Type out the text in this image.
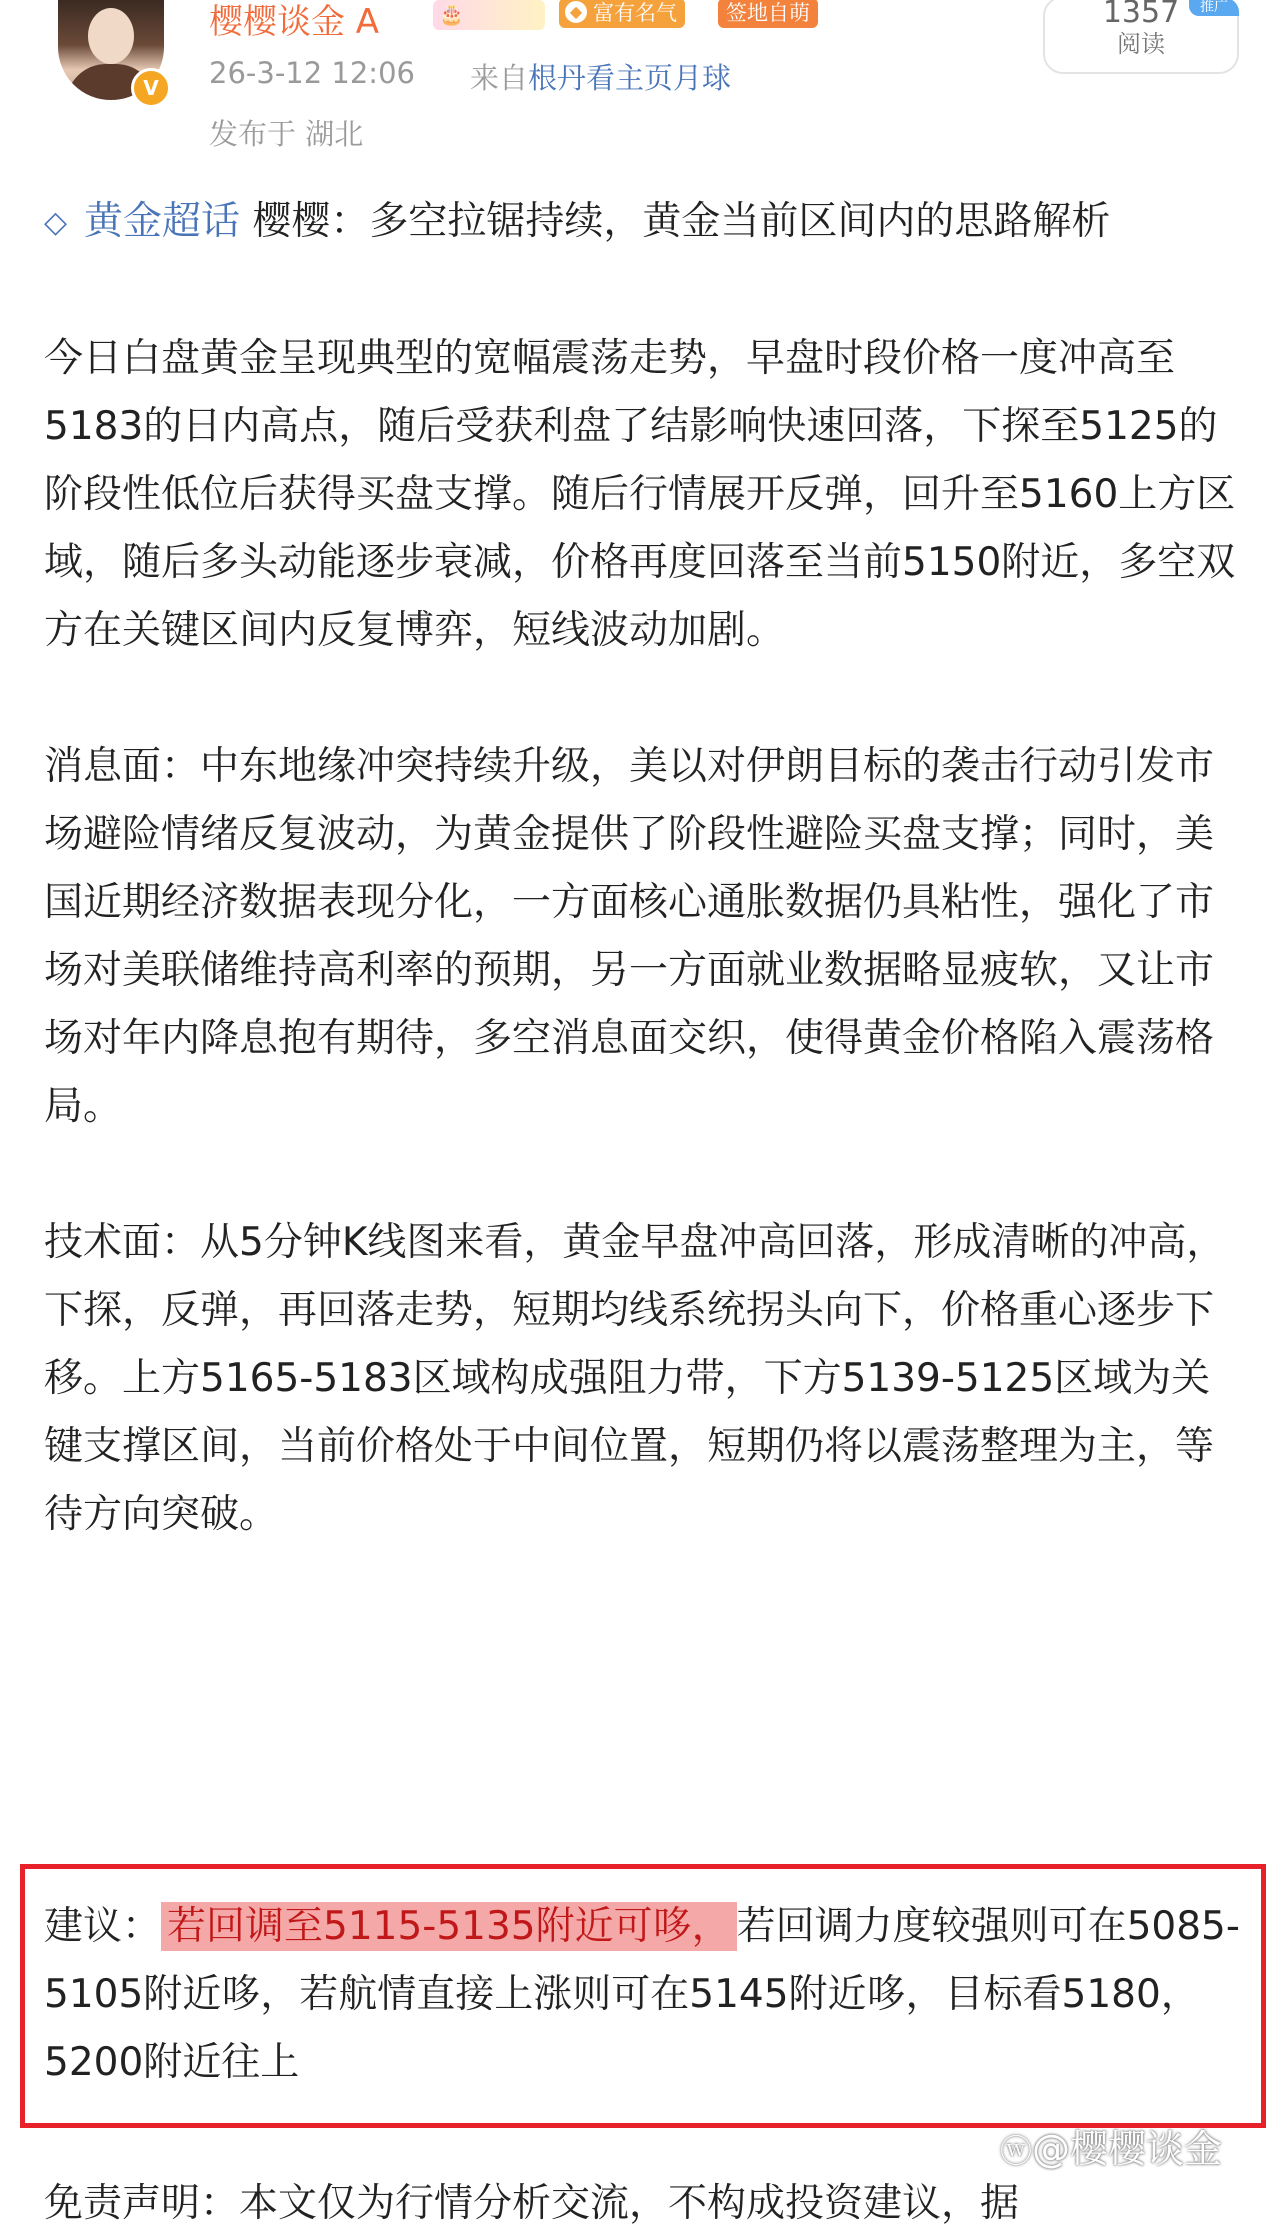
V
樱樱谈金 A	🎂	◆ 富有名气	签地自萌
26-3-12 12:06 来自根丹看主页月球
发布于 湖北
1357
阅读
推广

◇ 黄金超话 樱樱：多空拉锯持续，黄金当前区间内的思路解析

今日白盘黄金呈现典型的宽幅震荡走势，早盘时段价格一度冲高至5183的日内高点，随后受获利盘了结影响快速回落，下探至5125的阶段性低位后获得买盘支撑。随后行情展开反弹，回升至5160上方区域，随后多头动能逐步衰减，价格再度回落至当前5150附近，多空双方在关键区间内反复博弈，短线波动加剧。

消息面：中东地缘冲突持续升级，美以对伊朗目标的袭击行动引发市场避险情绪反复波动，为黄金提供了阶段性避险买盘支撑；同时，美国近期经济数据表现分化，一方面核心通胀数据仍具粘性，强化了市场对美联储维持高利率的预期，另一方面就业数据略显疲软，又让市场对年内降息抱有期待，多空消息面交织，使得黄金价格陷入震荡格局。

技术面：从5分钟K线图来看，黄金早盘冲高回落，形成清晰的冲高，下探，反弹，再回落走势，短期均线系统拐头向下，价格重心逐步下移。上方5165-5183区域构成强阻力带，下方5139-5125区域为关键支撑区间，当前价格处于中间位置，短期仍将以震荡整理为主，等待方向突破。

建议： 若回调至5115-5135附近可哆， 若回调力度较强则可在5085-5105附近哆，若航情直接上涨则可在5145附近哆，目标看5180，5200附近往上
ⓦ@樱樱谈金
免责声明：本文仅为行情分析交流，不构成投资建议，据
